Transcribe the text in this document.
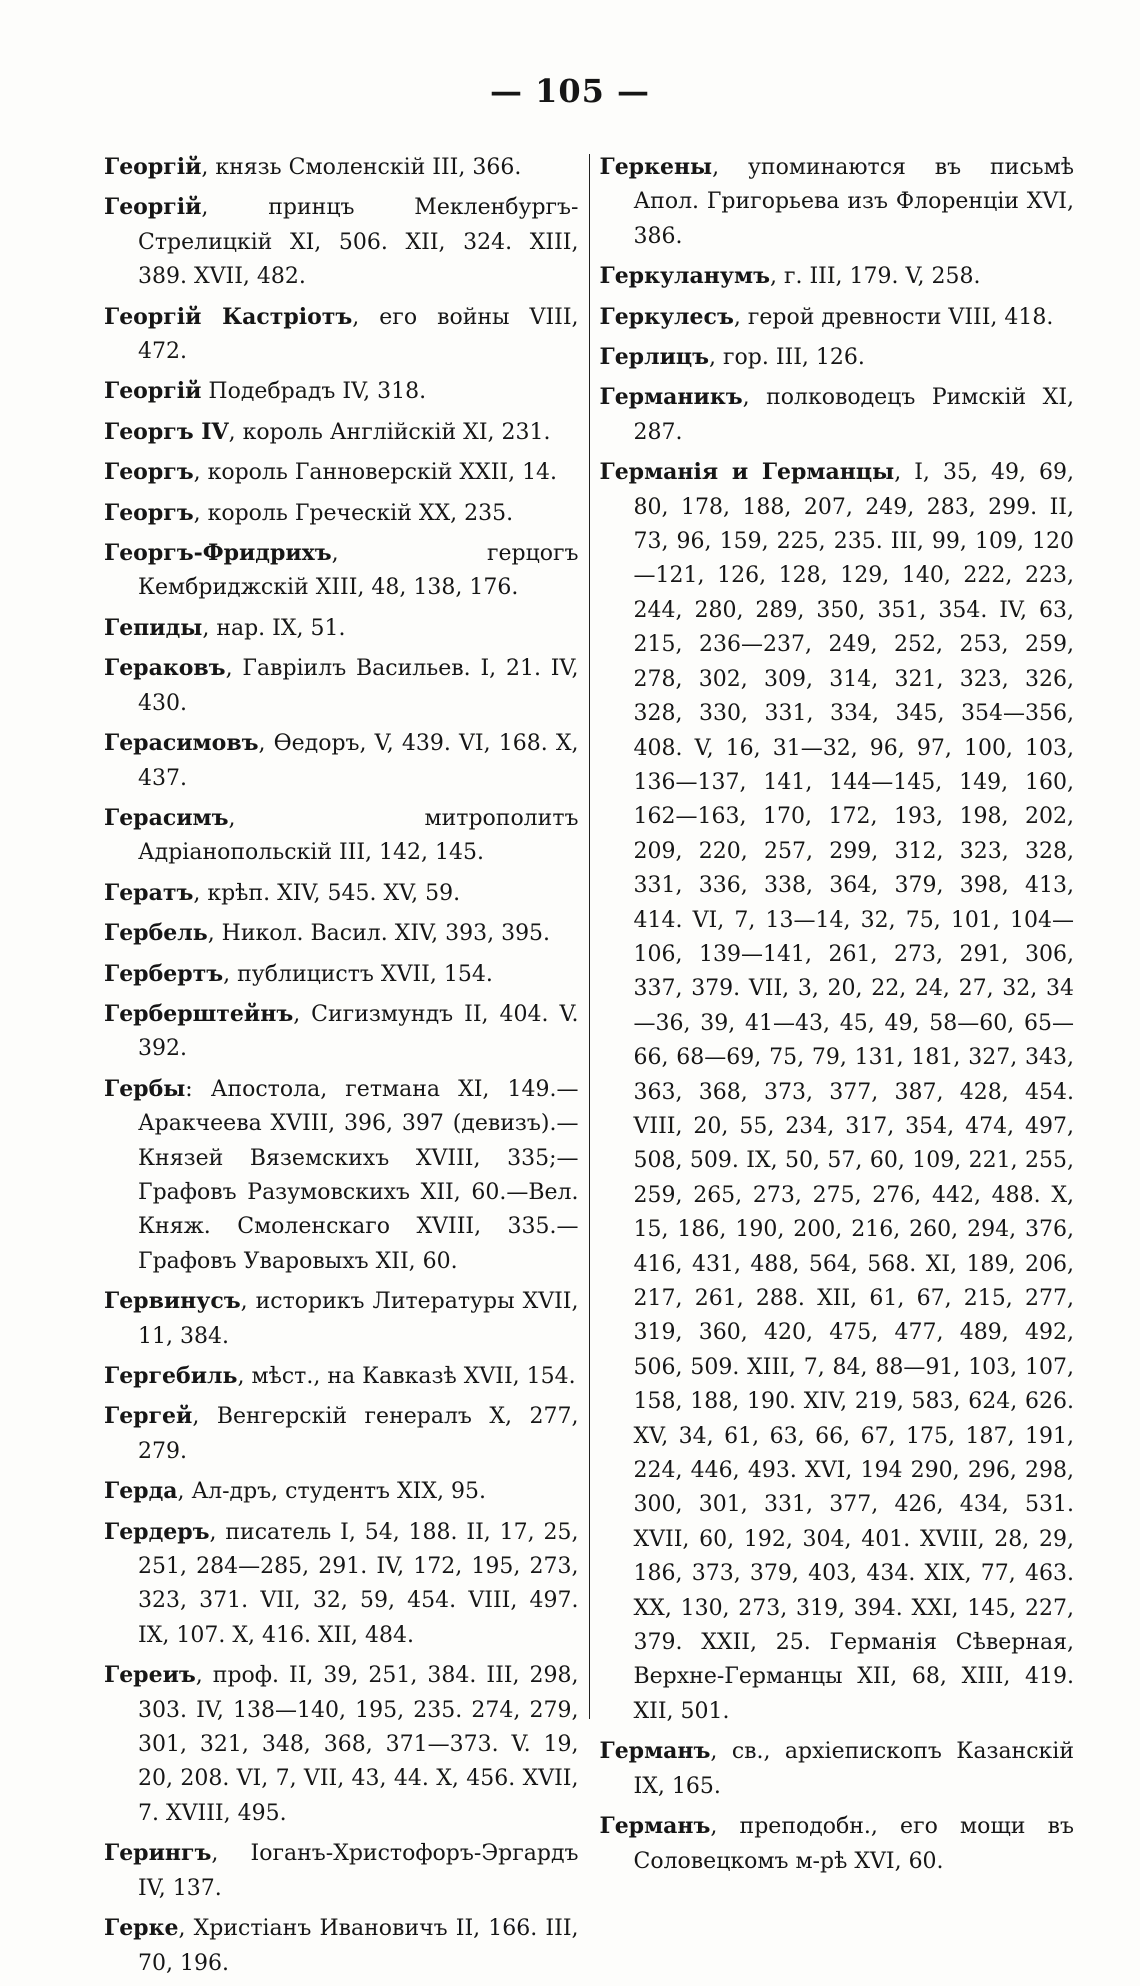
— 105 —

Георгій, князь Смоленскій III, 366.

Георгій, принцъ Мекленбургъ-Стрелицкій XI, 506. XII, 324. XIII, 389. XVII, 482.

Георгій Кастріотъ, его войны VIII, 472.

Георгій Подебрадъ IV, 318.

Георгъ IV, король Англійскій XI, 231.

Георгъ, король Ганноверскій XXII, 14.

Георгъ, король Греческій XX, 235.

Георгъ-Фридрихъ, герцогъ Кембриджскій XIII, 48, 138, 176.

Гепиды, нар. IX, 51.

Гераковъ, Гавріилъ Васильев. I, 21. IV, 430.

Герасимовъ, Ѳедоръ, V, 439. VI, 168. X, 437.

Герасимъ, митрополитъ Адріанопольскій III, 142, 145.

Гератъ, крѣп. XIV, 545. XV, 59.

Гербель, Никол. Васил. XIV, 393, 395.

Гербертъ, публицистъ XVII, 154.

Герберштейнъ, Сигизмундъ II, 404. V. 392.

Гербы: Апостола, гетмана XI, 149.—Аракчеева XVIII, 396, 397 (девизъ).—Князей Вяземскихъ XVIII, 335;—Графовъ Разумовскихъ XII, 60.—Вел. Княж. Смоленскаго XVIII, 335.—Графовъ Уваровыхъ XII, 60.

Гервинусъ, историкъ Литературы XVII, 11, 384.

Гергебиль, мѣст., на Кавказѣ XVII, 154.

Гергей, Венгерскій генералъ X, 277, 279.

Герда, Ал-дръ, студентъ XIX, 95.

Гердеръ, писатель I, 54, 188. II, 17, 25, 251, 284—285, 291. IV, 172, 195, 273, 323, 371. VII, 32, 59, 454. VIII, 497. IX, 107. X, 416. XII, 484.

Гереиъ, проф. II, 39, 251, 384. III, 298, 303. IV, 138—140, 195, 235. 274, 279, 301, 321, 348, 368, 371—373. V. 19, 20, 208. VI, 7, VII, 43, 44. X, 456. XVII, 7. XVIII, 495.

Герингъ, Іоганъ-Христофоръ-Эргардъ IV, 137.

Герке, Христіанъ Ивановичъ II, 166. III, 70, 196.

Геркены, упоминаются въ письмѣ Апол. Григорьева изъ Флоренціи XVI, 386.

Геркуланумъ, г. III, 179. V, 258.

Геркулесъ, герой древности VIII, 418.

Герлицъ, гор. III, 126.

Германикъ, полководецъ Римскій XI, 287.

Германія и Германцы, I, 35, 49, 69, 80, 178, 188, 207, 249, 283, 299. II, 73, 96, 159, 225, 235. III, 99, 109, 120—121, 126, 128, 129, 140, 222, 223, 244, 280, 289, 350, 351, 354. IV, 63, 215, 236—237, 249, 252, 253, 259, 278, 302, 309, 314, 321, 323, 326, 328, 330, 331, 334, 345, 354—356, 408. V, 16, 31—32, 96, 97, 100, 103, 136—137, 141, 144—145, 149, 160, 162—163, 170, 172, 193, 198, 202, 209, 220, 257, 299, 312, 323, 328, 331, 336, 338, 364, 379, 398, 413, 414. VI, 7, 13—14, 32, 75, 101, 104—106, 139—141, 261, 273, 291, 306, 337, 379. VII, 3, 20, 22, 24, 27, 32, 34—36, 39, 41—43, 45, 49, 58—60, 65—66, 68—69, 75, 79, 131, 181, 327, 343, 363, 368, 373, 377, 387, 428, 454. VIII, 20, 55, 234, 317, 354, 474, 497, 508, 509. IX, 50, 57, 60, 109, 221, 255, 259, 265, 273, 275, 276, 442, 488. X, 15, 186, 190, 200, 216, 260, 294, 376, 416, 431, 488, 564, 568. XI, 189, 206, 217, 261, 288. XII, 61, 67, 215, 277, 319, 360, 420, 475, 477, 489, 492, 506, 509. XIII, 7, 84, 88—91, 103, 107, 158, 188, 190. XIV, 219, 583, 624, 626. XV, 34, 61, 63, 66, 67, 175, 187, 191, 224, 446, 493. XVI, 194 290, 296, 298, 300, 301, 331, 377, 426, 434, 531. XVII, 60, 192, 304, 401. XVIII, 28, 29, 186, 373, 379, 403, 434. XIX, 77, 463. XX, 130, 273, 319, 394. XXI, 145, 227, 379. XXII, 25. Германія Сѣверная, Верхне-Германцы XII, 68, XIII, 419. XII, 501.

Германъ, св., архіепископъ Казанскій IX, 165.

Германъ, преподобн., его мощи въ Соловецкомъ м-рѣ XVI, 60.
